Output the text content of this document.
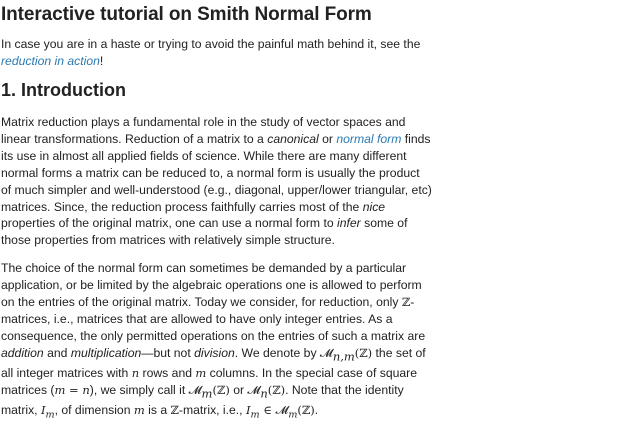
Interactive tutorial on Smith Normal Form

In case you are in a haste or trying to avoid the painful math behind it, see the reduction in action!

1. Introduction

Matrix reduction plays a fundamental role in the study of vector spaces and linear transformations. Reduction of a matrix to a canonical or normal form finds its use in almost all applied fields of science. While there are many different normal forms a matrix can be reduced to, a normal form is usually the product of much simpler and well-understood (e.g., diagonal, upper/lower triangular, etc) matrices. Since, the reduction process faithfully carries most of the nice properties of the original matrix, one can use a normal form to infer some of those properties from matrices with relatively simple structure.

The choice of the normal form can sometimes be demanded by a particular application, or be limited by the algebraic operations one is allowed to perform on the entries of the original matrix. Today we consider, for reduction, only ℤ-matrices, i.e., matrices that are allowed to have only integer entries. As a consequence, the only permitted operations on the entries of such a matrix are addition and multiplication—but not division. We denote by 𝓜$_{n,m}$(ℤ) the set of all integer matrices with n rows and m columns. In the special case of square matrices (m = n), we simply call it 𝓜$_m$(ℤ) or 𝓜$_n$(ℤ). Note that the identity matrix, $I_m$, of dimension m is a ℤ-matrix, i.e., $I_m$ ∈ 𝓜$_m$(ℤ).
